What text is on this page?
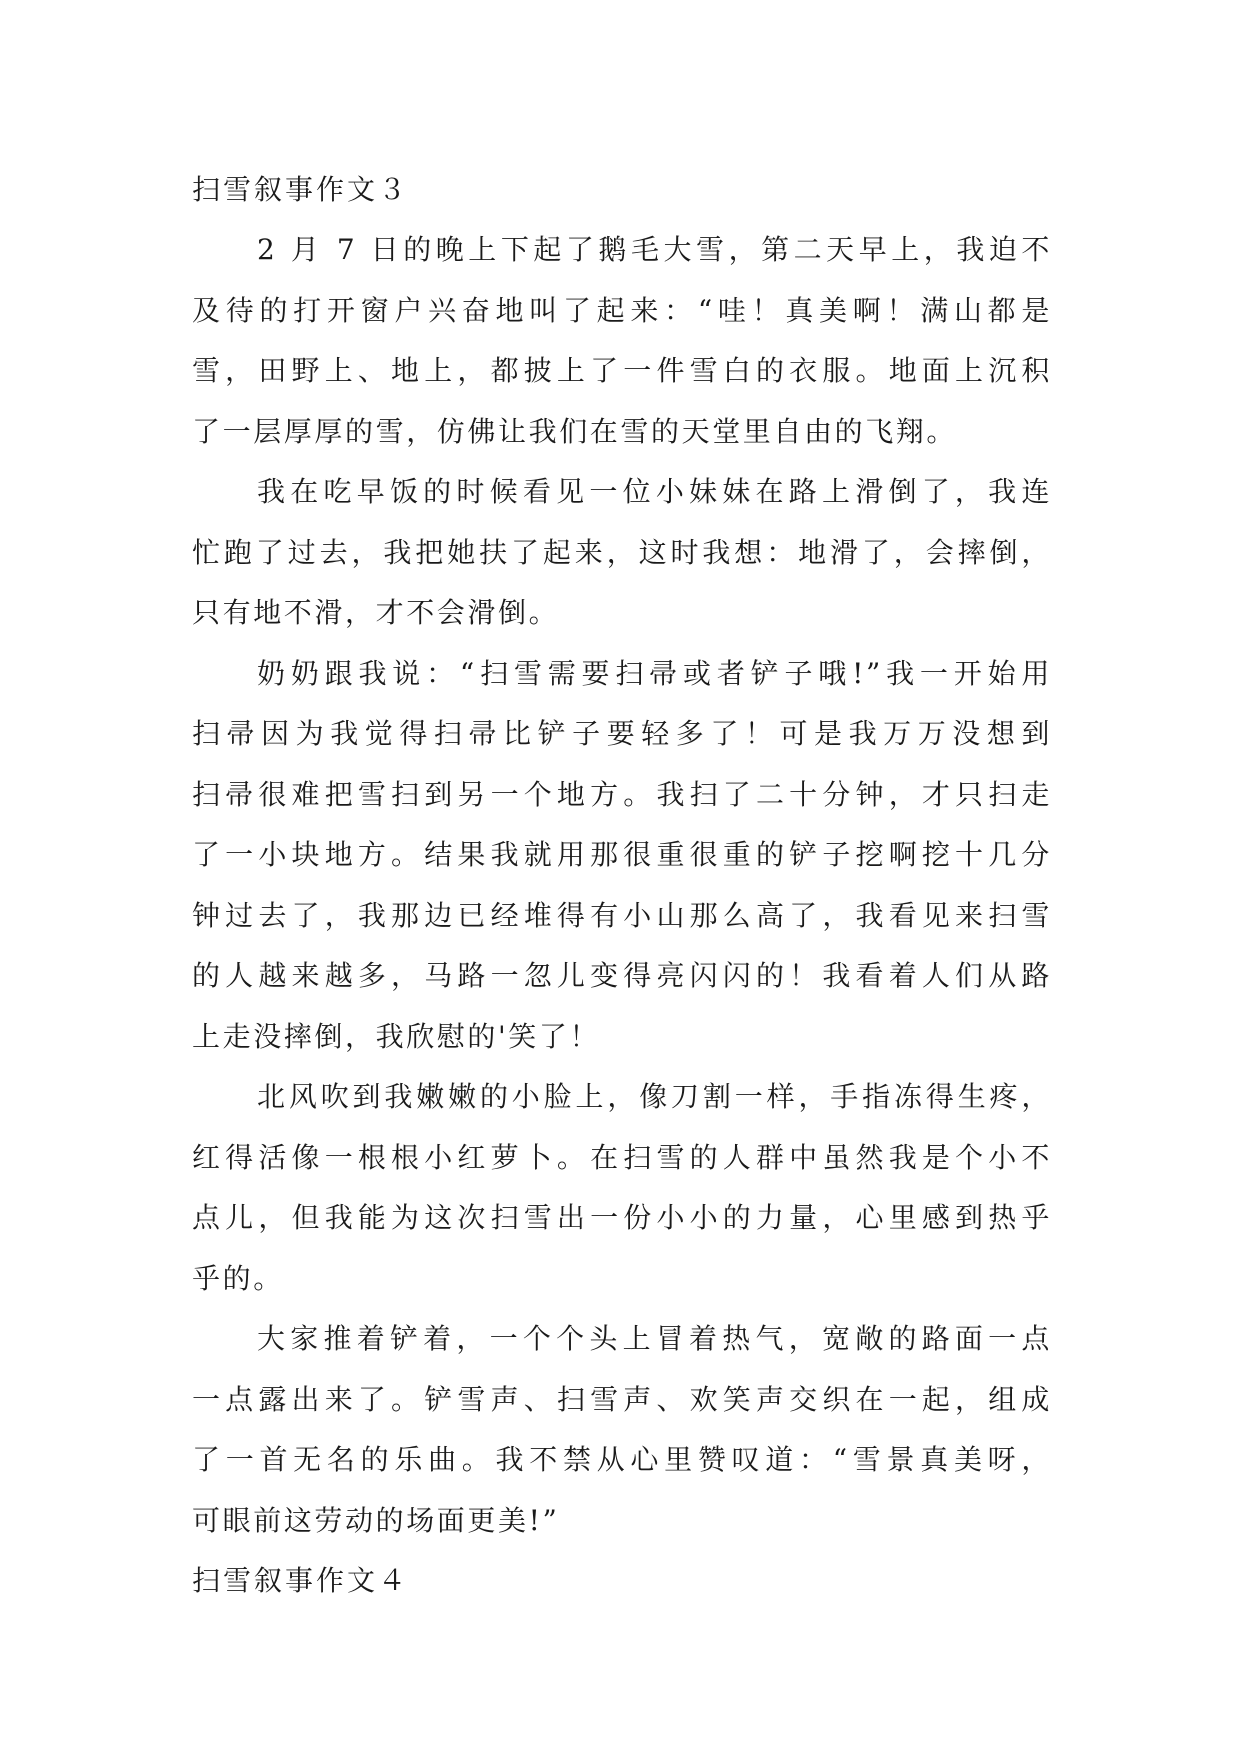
扫雪叙事作文３

2 月 7 日的晚上下起了鹅毛大雪，第二天早上，我迫不
及待的打开窗户兴奋地叫了起来：“哇！真美啊！满山都是
雪，田野上、地上，都披上了一件雪白的衣服。地面上沉积
了一层厚厚的雪，仿佛让我们在雪的天堂里自由的飞翔。

我在吃早饭的时候看见一位小妹妹在路上滑倒了，我连
忙跑了过去，我把她扶了起来，这时我想：地滑了，会摔倒，
只有地不滑，才不会滑倒。

奶奶跟我说：“扫雪需要扫帚或者铲子哦!”我一开始用
扫帚因为我觉得扫帚比铲子要轻多了！可是我万万没想到
扫帚很难把雪扫到另一个地方。我扫了二十分钟，才只扫走
了一小块地方。结果我就用那很重很重的铲子挖啊挖十几分
钟过去了，我那边已经堆得有小山那么高了，我看见来扫雪
的人越来越多，马路一忽儿变得亮闪闪的！我看着人们从路
上走没摔倒，我欣慰的'笑了！

北风吹到我嫩嫩的小脸上，像刀割一样，手指冻得生疼，
红得活像一根根小红萝卜。在扫雪的人群中虽然我是个小不
点儿，但我能为这次扫雪出一份小小的力量，心里感到热乎
乎的。

大家推着铲着，一个个头上冒着热气，宽敞的路面一点
一点露出来了。铲雪声、扫雪声、欢笑声交织在一起，组成
了一首无名的乐曲。我不禁从心里赞叹道：“雪景真美呀，
可眼前这劳动的场面更美!”

扫雪叙事作文４
